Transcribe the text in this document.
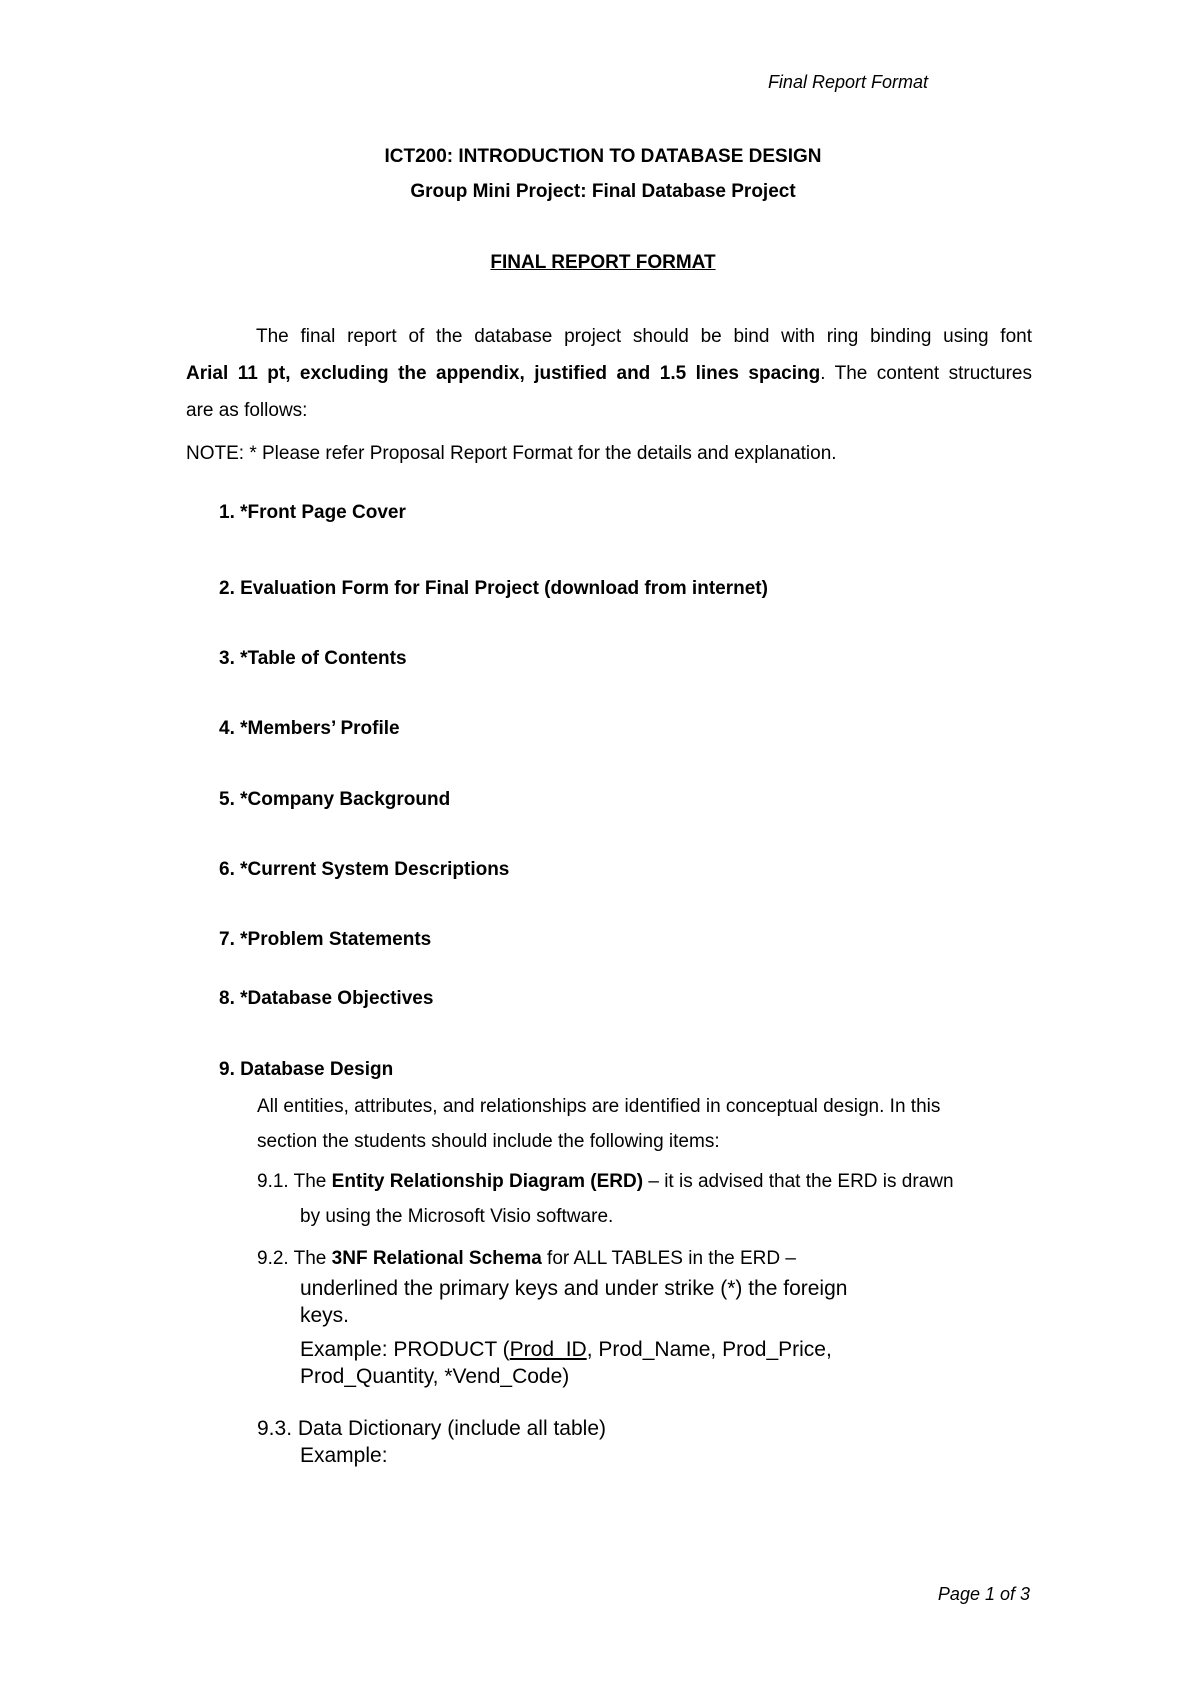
Final Report Format
ICT200: INTRODUCTION TO DATABASE DESIGN
Group Mini Project: Final Database Project
FINAL REPORT FORMAT
The final report of the database project should be bind with ring binding using font
Arial 11 pt, excluding the appendix, justified and 1.5 lines spacing. The content structures
are as follows:
NOTE: * Please refer Proposal Report Format for the details and explanation.
1. *Front Page Cover
2. Evaluation Form for Final Project (download from internet)
3. *Table of Contents
4. *Members’ Profile
5. *Company Background
6. *Current System Descriptions
7. *Problem Statements
8. *Database Objectives
9. Database Design
All entities, attributes, and relationships are identified in conceptual design. In this
section the students should include the following items:
9.1. The Entity Relationship Diagram (ERD) – it is advised that the ERD is drawn
by using the Microsoft Visio software.
9.2. The 3NF Relational Schema for ALL TABLES in the ERD –
underlined the primary keys and under strike (*) the foreign
keys.
Example: PRODUCT (Prod_ID, Prod_Name, Prod_Price,
Prod_Quantity, *Vend_Code)
9.3. Data Dictionary (include all table)
Example:
Page 1 of 3
